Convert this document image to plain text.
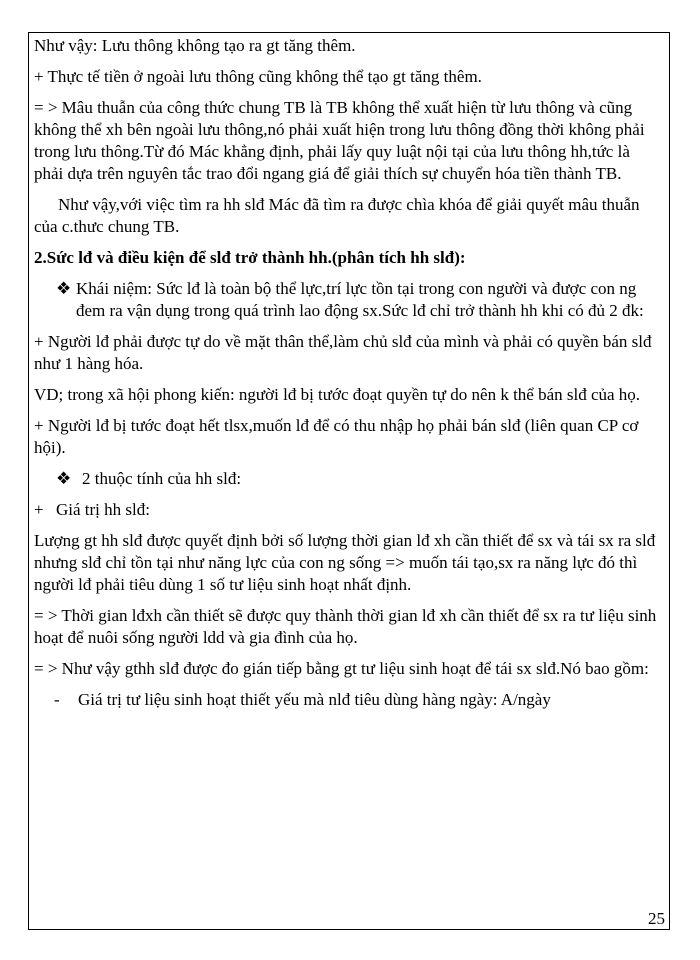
Như vậy: Lưu thông không tạo ra gt tăng thêm.

+ Thực tế tiền ở ngoài lưu thông cũng không thể tạo gt tăng thêm.

= > Mâu thuẫn của công thức chung TB là TB không thể xuất hiện từ lưu thông và cũng không thể xh bên ngoài lưu thông,nó phải xuất hiện trong lưu thông đồng thời không phải trong lưu thông.Từ đó Mác khẳng định, phải lấy quy luật nội tại của lưu thông hh,tức là phải dựa trên nguyên tắc trao đổi ngang giá để giải thích sự chuyển hóa tiền thành TB.

Như vậy,với việc tìm ra hh slđ Mác đã tìm ra được chìa khóa để giải quyết mâu thuẫn của c.thưc chung TB.

2.Sức lđ và điều kiện để slđ trở thành hh.(phân tích hh slđ):

❖ Khái niệm: Sức lđ là toàn bộ thể lực,trí lực tồn tại trong con người và được con ng đem ra vận dụng trong quá trình lao động sx.Sức lđ chỉ trở thành hh khi có đủ 2 đk:

+ Người lđ phải được tự do về mặt thân thể,làm chủ slđ của mình và phải có quyền bán slđ như 1 hàng hóa.

VD; trong xã hội phong kiến: người lđ bị tước đoạt quyền tự do nên k thể bán slđ của họ.

+ Người lđ bị tước đoạt hết tlsx,muốn lđ để có thu nhập họ phải bán slđ (liên quan CP cơ hội).

❖ 2 thuộc tính của hh slđ:

+ Giá trị hh slđ:

Lượng gt hh slđ được quyết định bởi số lượng thời gian lđ xh cần thiết để sx và tái sx ra slđ nhưng slđ chỉ tồn tại như năng lực của con ng sống => muốn tái tạo,sx ra năng lực đó thì người lđ phải tiêu dùng 1 số tư liệu sinh hoạt nhất định.

= > Thời gian lđxh cần thiết sẽ được quy thành thời gian lđ xh cần thiết để sx ra tư liệu sinh hoạt để nuôi sống người ldd và gia đình của họ.

= > Như vậy gthh slđ được đo gián tiếp bằng gt tư liệu sinh hoạt để tái sx slđ.Nó bao gồm:

- Giá trị tư liệu sinh hoạt thiết yếu mà nlđ tiêu dùng hàng ngày: A/ngày

25
